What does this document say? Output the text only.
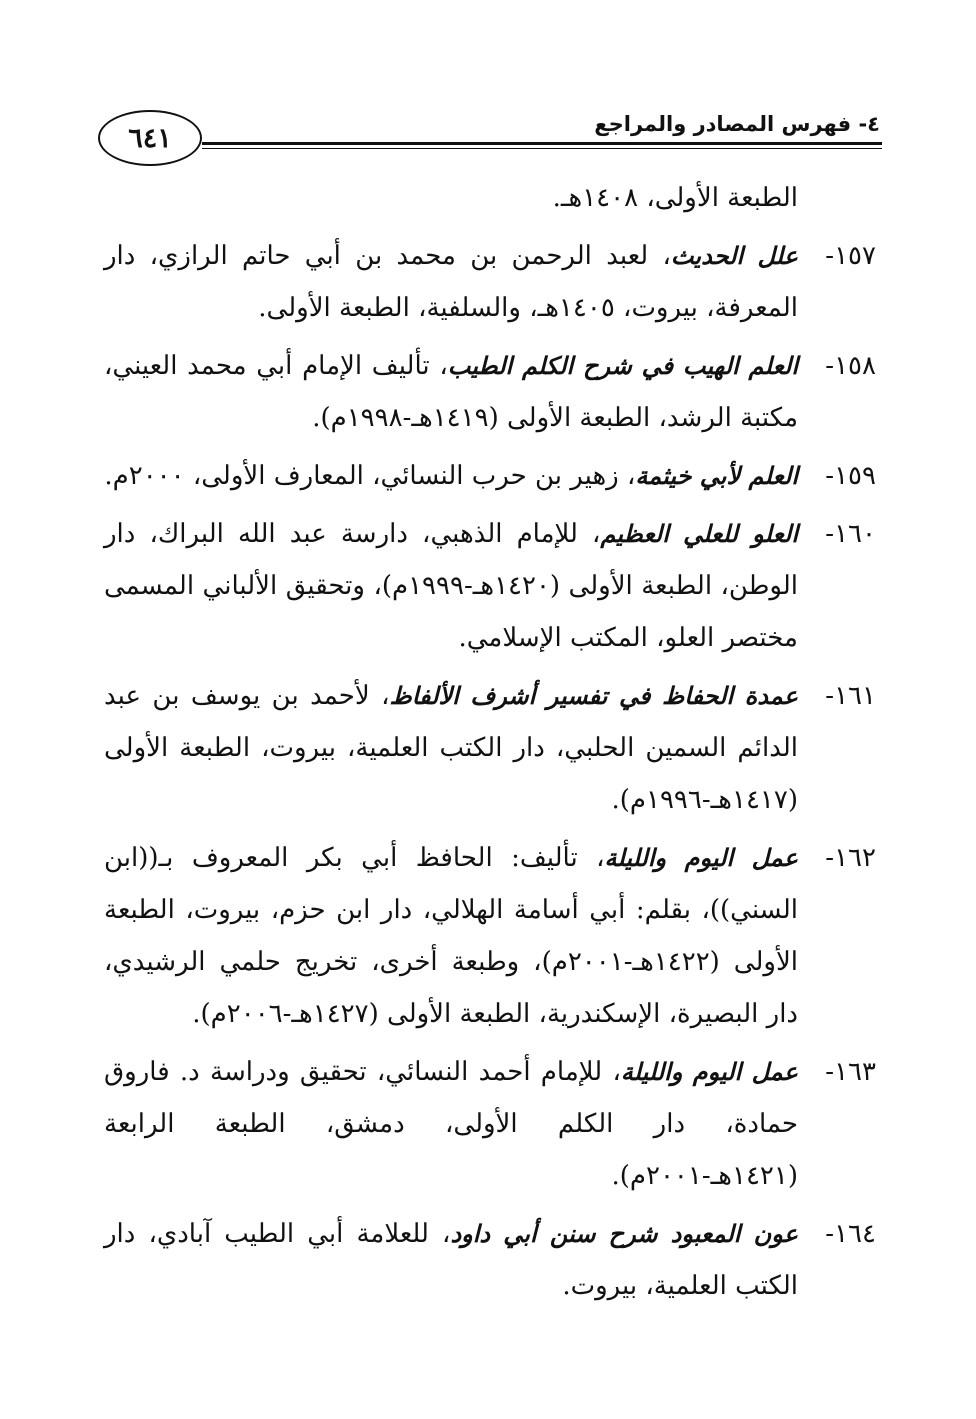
٦٤١	٤- فهرس المصادر والمراجع
الطبعة الأولى، ١٤٠٨هـ.
١٥٧-
علل الحديث، لعبد الرحمن بن محمد بن أبي حاتم الرازي، دار المعرفة، بيروت، ١٤٠٥هـ، والسلفية، الطبعة الأولى.
١٥٨-
العلم الهيب في شرح الكلم الطيب، تأليف الإمام أبي محمد العيني، مكتبة الرشد، الطبعة الأولى (١٤١٩هـ-١٩٩٨م).
١٥٩-
العلم لأبي خيثمة، زهير بن حرب النسائي، المعارف الأولى، ٢٠٠٠م.
١٦٠-
العلو للعلي العظيم، للإمام الذهبي، دارسة عبد الله البراك، دار الوطن، الطبعة الأولى (١٤٢٠هـ-١٩٩٩م)، وتحقيق الألباني المسمى مختصر العلو، المكتب الإسلامي.
١٦١-
عمدة الحفاظ في تفسير أشرف الألفاظ، لأحمد بن يوسف بن عبد الدائم السمين الحلبي، دار الكتب العلمية، بيروت، الطبعة الأولى (١٤١٧هـ-١٩٩٦م).
١٦٢-
عمل اليوم والليلة، تأليف: الحافظ أبي بكر المعروف بـ((ابن السني))، بقلم: أبي أسامة الهلالي، دار ابن حزم، بيروت، الطبعة الأولى (١٤٢٢هـ-٢٠٠١م)، وطبعة أخرى، تخريج حلمي الرشيدي، دار البصيرة، الإسكندرية، الطبعة الأولى (١٤٢٧هـ-٢٠٠٦م).
١٦٣-
عمل اليوم والليلة، للإمام أحمد النسائي، تحقيق ودراسة د. فاروق حمادة، دار الكلم الأولى، دمشق، الطبعة الرابعة (١٤٢١هـ-٢٠٠١م).
١٦٤-
عون المعبود شرح سنن أبي داود، للعلامة أبي الطيب آبادي، دار الكتب العلمية، بيروت.
